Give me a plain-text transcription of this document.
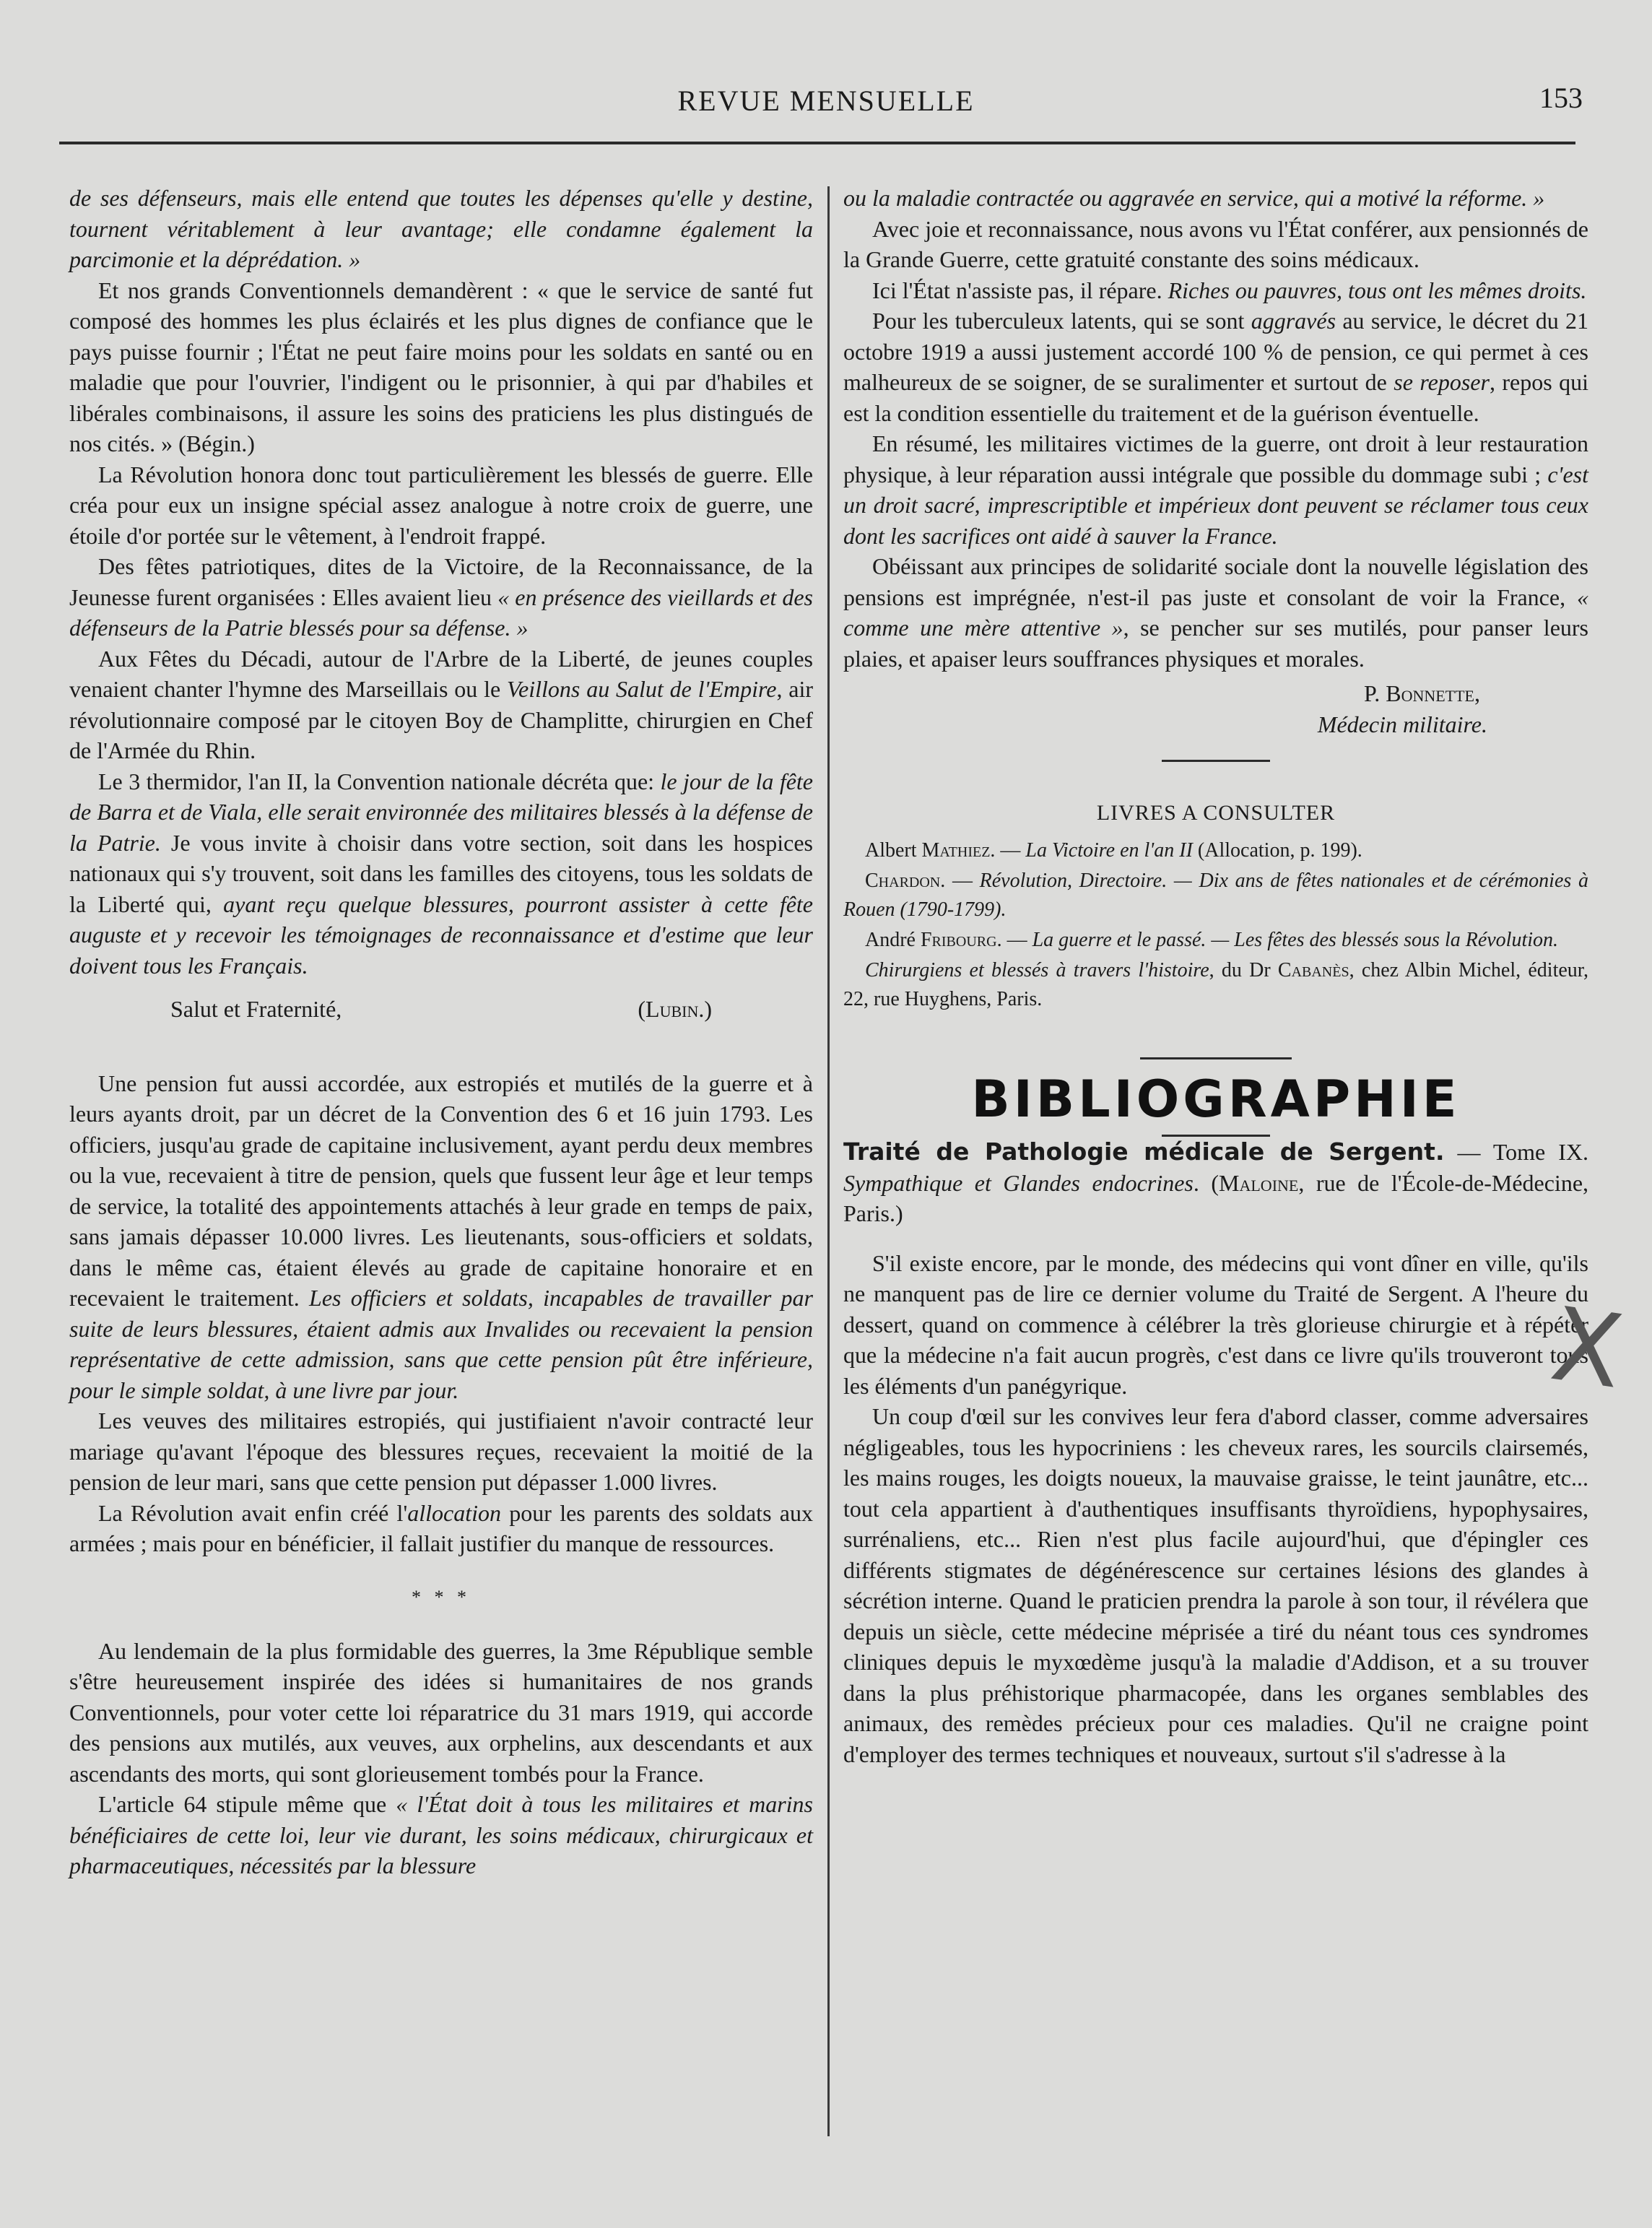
REVUE MENSUELLE	153

de ses défenseurs, mais elle entend que toutes les dépenses qu'elle y destine, tournent véritablement à leur avantage; elle condamne également la parcimonie et la déprédation. »

Et nos grands Conventionnels demandèrent : « que le service de santé fut composé des hommes les plus éclairés et les plus dignes de confiance que le pays puisse fournir ; l'État ne peut faire moins pour les soldats en santé ou en maladie que pour l'ouvrier, l'indigent ou le prisonnier, à qui par d'habiles et libérales combinaisons, il assure les soins des praticiens les plus distingués de nos cités. » (Bégin.)

La Révolution honora donc tout particulièrement les blessés de guerre. Elle créa pour eux un insigne spécial assez analogue à notre croix de guerre, une étoile d'or portée sur le vêtement, à l'endroit frappé.

Des fêtes patriotiques, dites de la Victoire, de la Reconnaissance, de la Jeunesse furent organisées : Elles avaient lieu « en présence des vieillards et des défenseurs de la Patrie blessés pour sa défense. »

Aux Fêtes du Décadi, autour de l'Arbre de la Liberté, de jeunes couples venaient chanter l'hymne des Marseillais ou le Veillons au Salut de l'Empire, air révolutionnaire composé par le citoyen Boy de Champlitte, chirurgien en Chef de l'Armée du Rhin.

Le 3 thermidor, l'an II, la Convention nationale décréta que: le jour de la fête de Barra et de Viala, elle serait environnée des militaires blessés à la défense de la Patrie. Je vous invite à choisir dans votre section, soit dans les hospices nationaux qui s'y trouvent, soit dans les familles des citoyens, tous les soldats de la Liberté qui, ayant reçu quelque blessures, pourront assister à cette fête auguste et y recevoir les témoignages de reconnaissance et d'estime que leur doivent tous les Français.

Salut et Fraternité,	(Lubin.)

Une pension fut aussi accordée, aux estropiés et mutilés de la guerre et à leurs ayants droit, par un décret de la Convention des 6 et 16 juin 1793. Les officiers, jusqu'au grade de capitaine inclusivement, ayant perdu deux membres ou la vue, recevaient à titre de pension, quels que fussent leur âge et leur temps de service, la totalité des appointements attachés à leur grade en temps de paix, sans jamais dépasser 10.000 livres. Les lieutenants, sous-officiers et soldats, dans le même cas, étaient élevés au grade de capitaine honoraire et en recevaient le traitement. Les officiers et soldats, incapables de travailler par suite de leurs blessures, étaient admis aux Invalides ou recevaient la pension représentative de cette admission, sans que cette pension pût être inférieure, pour le simple soldat, à une livre par jour.

Les veuves des militaires estropiés, qui justifiaient n'avoir contracté leur mariage qu'avant l'époque des blessures reçues, recevaient la moitié de la pension de leur mari, sans que cette pension put dépasser 1.000 livres.

La Révolution avait enfin créé l'allocation pour les parents des soldats aux armées ; mais pour en bénéficier, il fallait justifier du manque de ressources.

* * *

Au lendemain de la plus formidable des guerres, la 3me République semble s'être heureusement inspirée des idées si humanitaires de nos grands Conventionnels, pour voter cette loi réparatrice du 31 mars 1919, qui accorde des pensions aux mutilés, aux veuves, aux orphelins, aux descendants et aux ascendants des morts, qui sont glorieusement tombés pour la France.

L'article 64 stipule même que « l'État doit à tous les militaires et marins bénéficiaires de cette loi, leur vie durant, les soins médicaux, chirurgicaux et pharmaceutiques, nécessités par la blessure

ou la maladie contractée ou aggravée en service, qui a motivé la réforme. »

Avec joie et reconnaissance, nous avons vu l'État conférer, aux pensionnés de la Grande Guerre, cette gratuité constante des soins médicaux.

Ici l'État n'assiste pas, il répare. Riches ou pauvres, tous ont les mêmes droits.

Pour les tuberculeux latents, qui se sont aggravés au service, le décret du 21 octobre 1919 a aussi justement accordé 100 % de pension, ce qui permet à ces malheureux de se soigner, de se suralimenter et surtout de se reposer, repos qui est la condition essentielle du traitement et de la guérison éventuelle.

En résumé, les militaires victimes de la guerre, ont droit à leur restauration physique, à leur réparation aussi intégrale que possible du dommage subi ; c'est un droit sacré, imprescriptible et impérieux dont peuvent se réclamer tous ceux dont les sacrifices ont aidé à sauver la France.

Obéissant aux principes de solidarité sociale dont la nouvelle législation des pensions est imprégnée, n'est-il pas juste et consolant de voir la France, « comme une mère attentive », se pencher sur ses mutilés, pour panser leurs plaies, et apaiser leurs souffrances physiques et morales.

P. Bonnette,
Médecin militaire.
LIVRES A CONSULTER

Albert Mathiez. — La Victoire en l'an II (Allocation, p. 199).

Chardon. — Révolution, Directoire. — Dix ans de fêtes nationales et de cérémonies à Rouen (1790-1799).

André Fribourg. — La guerre et le passé. — Les fêtes des blessés sous la Révolution.

Chirurgiens et blessés à travers l'histoire, du Dr Cabanès, chez Albin Michel, éditeur, 22, rue Huyghens, Paris.

BIBLIOGRAPHIE

Traité de Pathologie médicale de Sergent. — Tome IX. Sympathique et Glandes endocrines. (Maloine, rue de l'École-de-Médecine, Paris.)

S'il existe encore, par le monde, des médecins qui vont dîner en ville, qu'ils ne manquent pas de lire ce dernier volume du Traité de Sergent. A l'heure du dessert, quand on commence à célébrer la très glorieuse chirurgie et à répéter que la médecine n'a fait aucun progrès, c'est dans ce livre qu'ils trouveront tous les éléments d'un panégyrique.

Un coup d'œil sur les convives leur fera d'abord classer, comme adversaires négligeables, tous les hypocriniens : les cheveux rares, les sourcils clairsemés, les mains rouges, les doigts noueux, la mauvaise graisse, le teint jaunâtre, etc... tout cela appartient à d'authentiques insuffisants thyroïdiens, hypophysaires, surrénaliens, etc... Rien n'est plus facile aujourd'hui, que d'épingler ces différents stigmates de dégénérescence sur certaines lésions des glandes à sécrétion interne. Quand le praticien prendra la parole à son tour, il révélera que depuis un siècle, cette médecine méprisée a tiré du néant tous ces syndromes cliniques depuis le myxœdème jusqu'à la maladie d'Addison, et a su trouver dans la plus préhistorique pharmacopée, dans les organes semblables des animaux, des remèdes précieux pour ces maladies. Qu'il ne craigne point d'employer des termes techniques et nouveaux, surtout s'il s'adresse à la

X
